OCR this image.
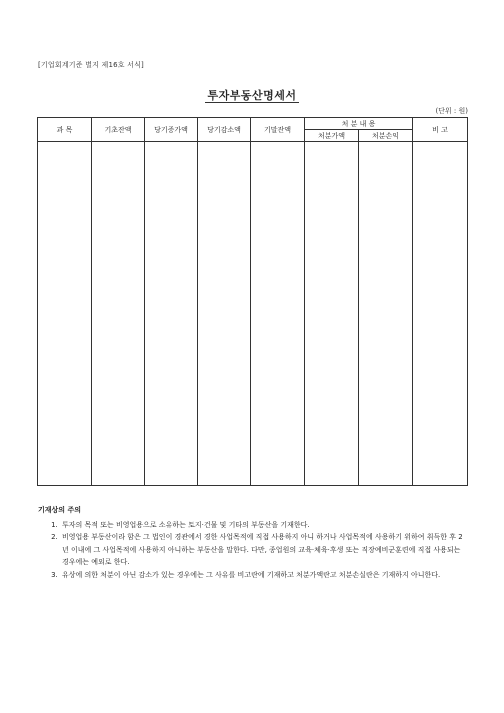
[기업회계기준 별지 제16호 서식]
투자부동산명세서
(단위 : 원)
과 목	기초잔액	당기증가액	당기감소액	기말잔액	처 분 내 용		비 고
					처분가액	처분손익	

기재상의 주의
1. 투자의 목적 또는 비영업용으로 소유하는 토지·건물 및 기타의 부동산을 기재한다.
2. 비영업용 부동산이라 함은 그 법인이 경관에서 경한 사업목적에 직접 사용하지 아니 하거나 사업목적에 사용하기 위하여 취득한 후 2년 이내에 그 사업목적에 사용하지 아니하는 부동산을 말한다. 다만, 종업원의 교육·체육·후생 또는 직장예비군훈련에 직접 사용되는 경우에는 예외로 한다.
3. 유상에 의한 처분이 아닌 감소가 있는 경우에는 그 사유를 비고란에 기재하고 처분가액란고 처분손실란은 기재하지 아니한다.
